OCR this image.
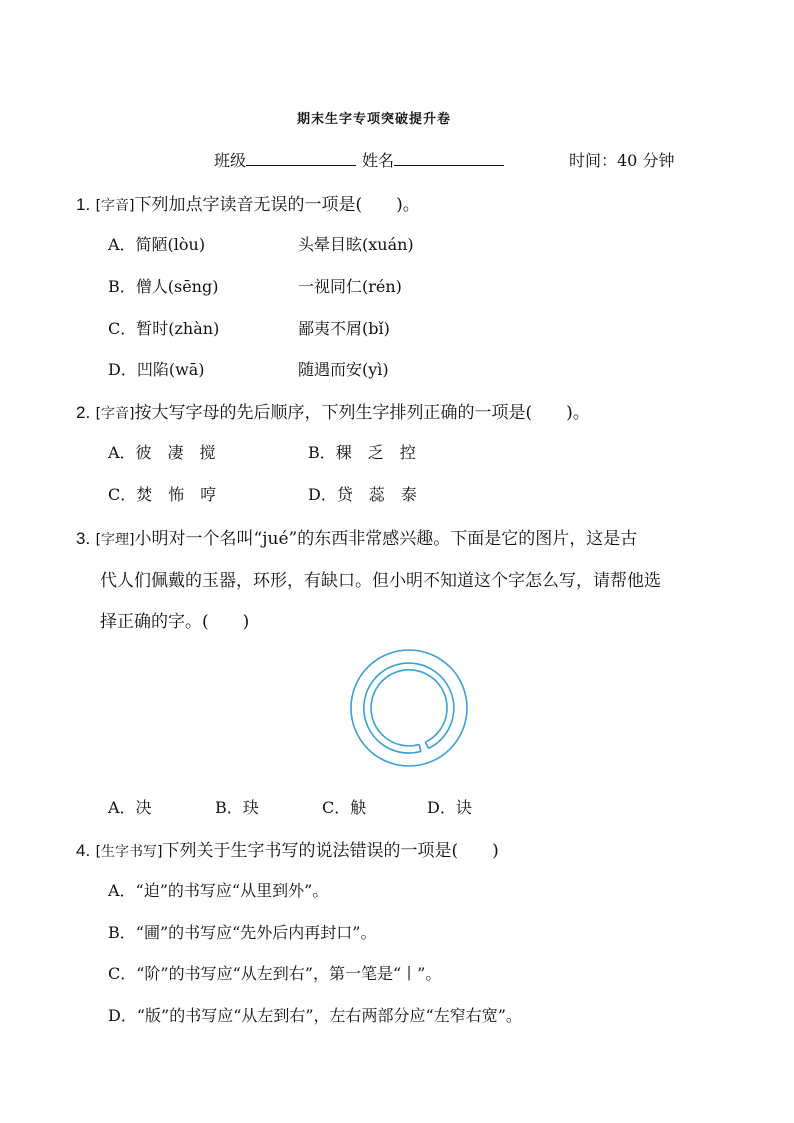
期末生字专项突破提升卷
班级	姓名	时间：40 分钟
1. [字音]下列加点字读音无误的一项是(　　)。
A．简陋(lòu)	头晕目眩(xuán)
B．僧人(sēng)	一视同仁(rén)
C．暂时(zhàn)	鄙夷不屑(bǐ)
D．凹陷(wā)	随遇而安(yì)
2. [字音]按大写字母的先后顺序，下列生字排列正确的一项是(　　)。
A．彼　凄　搅	B．稞　乏　控
C．焚　怖　哼	D．贷　蕊　泰
3. [字理]小明对一个名叫“jué”的东西非常感兴趣。下面是它的图片，这是古
代人们佩戴的玉器，环形，有缺口。但小明不知道这个字怎么写，请帮他选
择正确的字。(　　)
A．决	B．玦	C．觖	D．诀
4. [生字书写]下列关于生字书写的说法错误的一项是(　　)
A．“迫”的书写应“从里到外”。
B．“圃”的书写应“先外后内再封口”。
C．“阶”的书写应“从左到右”，第一笔是“丨”。
D．“版”的书写应“从左到右”，左右两部分应“左窄右宽”。
